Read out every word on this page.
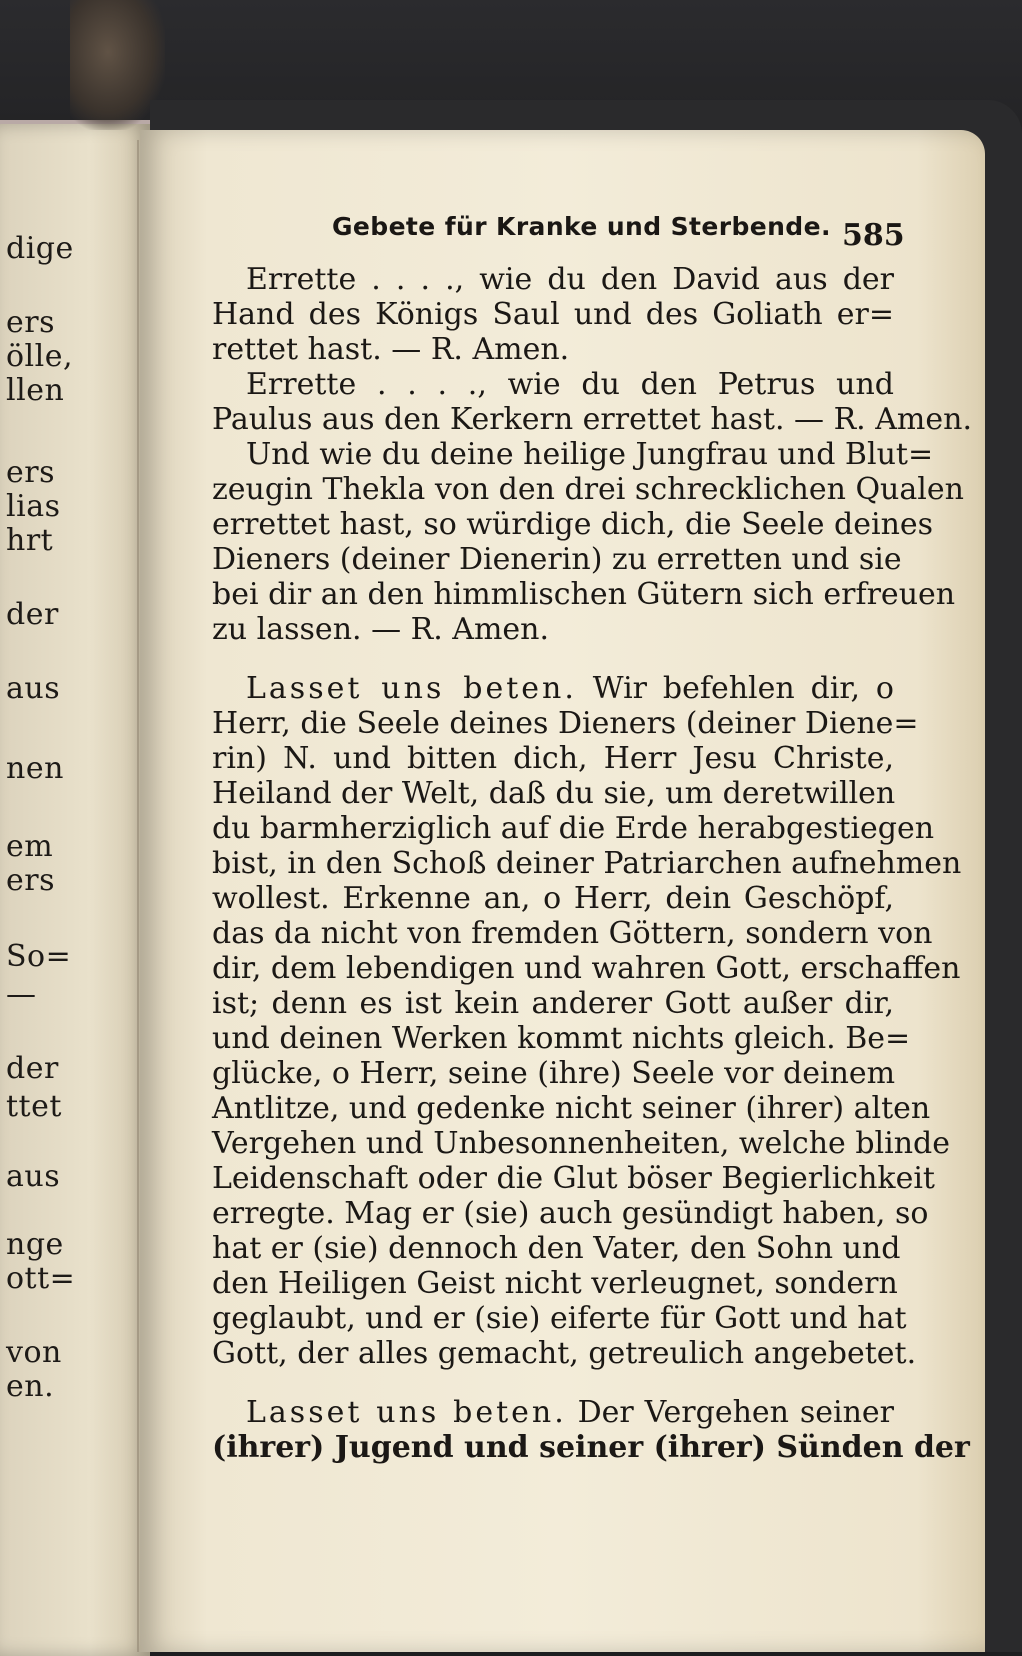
dige
ers
ölle,
llen
ers
lias
hrt
der
aus
nen
em
ers
So=
—
der
ttet
aus
nge
ott=
von
en.
Gebete für Kranke und Sterbende. 585
Errette . . . ., wie du den David aus der
Hand des Königs Saul und des Goliath er=
rettet hast. — R. Amen.
Errette . . . ., wie du den Petrus und
Paulus aus den Kerkern errettet hast. — R. Amen.
Und wie du deine heilige Jungfrau und Blut=
zeugin Thekla von den drei schrecklichen Qualen
errettet hast, so würdige dich, die Seele deines
Dieners (deiner Dienerin) zu erretten und sie
bei dir an den himmlischen Gütern sich erfreuen
zu lassen. — R. Amen.
Lasset uns beten. Wir befehlen dir, o
Herr, die Seele deines Dieners (deiner Diene=
rin) N. und bitten dich, Herr Jesu Christe,
Heiland der Welt, daß du sie, um deretwillen
du barmherziglich auf die Erde herabgestiegen
bist, in den Schoß deiner Patriarchen aufnehmen
wollest. Erkenne an, o Herr, dein Geschöpf,
das da nicht von fremden Göttern, sondern von
dir, dem lebendigen und wahren Gott, erschaffen
ist; denn es ist kein anderer Gott außer dir,
und deinen Werken kommt nichts gleich. Be=
glücke, o Herr, seine (ihre) Seele vor deinem
Antlitze, und gedenke nicht seiner (ihrer) alten
Vergehen und Unbesonnenheiten, welche blinde
Leidenschaft oder die Glut böser Begierlichkeit
erregte. Mag er (sie) auch gesündigt haben, so
hat er (sie) dennoch den Vater, den Sohn und
den Heiligen Geist nicht verleugnet, sondern
geglaubt, und er (sie) eiferte für Gott und hat
Gott, der alles gemacht, getreulich angebetet.
Lasset uns beten. Der Vergehen seiner
(ihrer) Jugend und seiner (ihrer) Sünden der
